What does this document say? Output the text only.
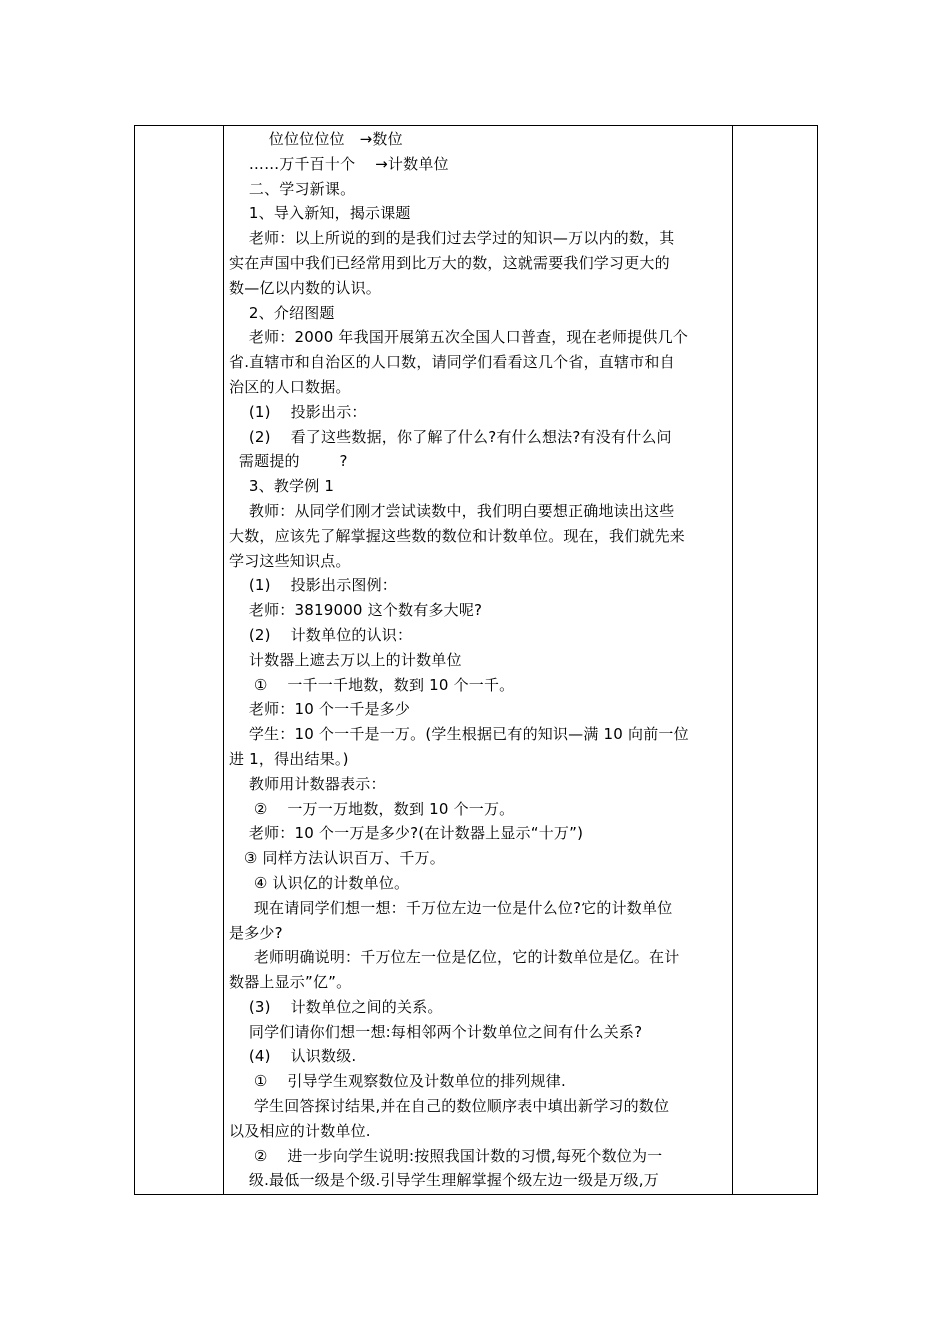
位位位位位   →数位
……万千百十个    →计数单位
二、学习新课。
1、导入新知，揭示课题
老师：以上所说的到的是我们过去学过的知识—万以内的数，其
实在声国中我们已经常用到比万大的数，这就需要我们学习更大的
数—亿以内数的认识。
2、介绍图题
老师：2000 年我国开展第五次全国人口普查，现在老师提供几个
省.直辖市和自治区的人口数，请同学们看看这几个省，直辖市和自
治区的人口数据。
(1)    投影出示：
(2)    看了这些数据，你了解了什么?有什么想法?有没有什么问
需题提的        ?
3、教学例 1
教师：从同学们刚才尝试读数中，我们明白要想正确地读出这些
大数，应该先了解掌握这些数的数位和计数单位。现在，我们就先来
学习这些知识点。
(1)    投影出示图例：
老师：3819000 这个数有多大呢?
(2)    计数单位的认识：
计数器上遮去万以上的计数单位
①    一千一千地数，数到 10 个一千。
老师：10 个一千是多少
学生：10 个一千是一万。(学生根据已有的知识—满 10 向前一位
进 1，得出结果。)
教师用计数器表示：
②    一万一万地数，数到 10 个一万。
老师：10 个一万是多少?(在计数器上显示“十万”)
③ 同样方法认识百万、千万。
④ 认识亿的计数单位。
现在请同学们想一想：千万位左边一位是什么位?它的计数单位
是多少?
老师明确说明：千万位左一位是亿位，它的计数单位是亿。在计
数器上显示”亿”。
(3)    计数单位之间的关系。
同学们请你们想一想:每相邻两个计数单位之间有什么关系?
(4)    认识数级.
①    引导学生观察数位及计数单位的排列规律.
学生回答探讨结果,并在自己的数位顺序表中填出新学习的数位
以及相应的计数单位.
②    进一步向学生说明:按照我国计数的习惯,每死个数位为一
级.最低一级是个级.引导学生理解掌握个级左边一级是万级,万
